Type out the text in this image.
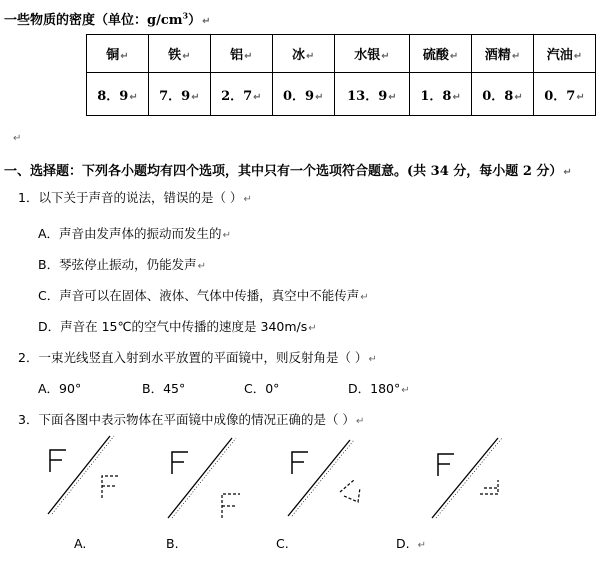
一些物质的密度（单位：$g/cm^3)↵$
铜↵	铁↵	铝↵	冰↵	水银↵	硫酸↵	酒精↵	汽油↵
8．9↵	7．9↵	2．7↵	0．9↵	13．9↵	1．8↵	0．8↵	0．7↵
↵
一、选择题：下列各小题均有四个选项，其中只有一个选项符合题意。(共 34 分，每小题 2 分）↵
1．以下关于声音的说法，错误的是（ ）↵
A．声音由发声体的振动而发生的↵
B．琴弦停止振动，仍能发声↵
C．声音可以在固体、液体、气体中传播，真空中不能传声↵
D．声音在 15℃的空气中传播的速度是 340m/s↵
2．一束光线竖直入射到水平放置的平面镜中，则反射角是（ ）↵
A．90°	B．45°	C．0°	D．180°↵
3．下面各图中表示物体在平面镜中成像的情况正确的是（ ）↵
A.	B.	C.	D. ↵
